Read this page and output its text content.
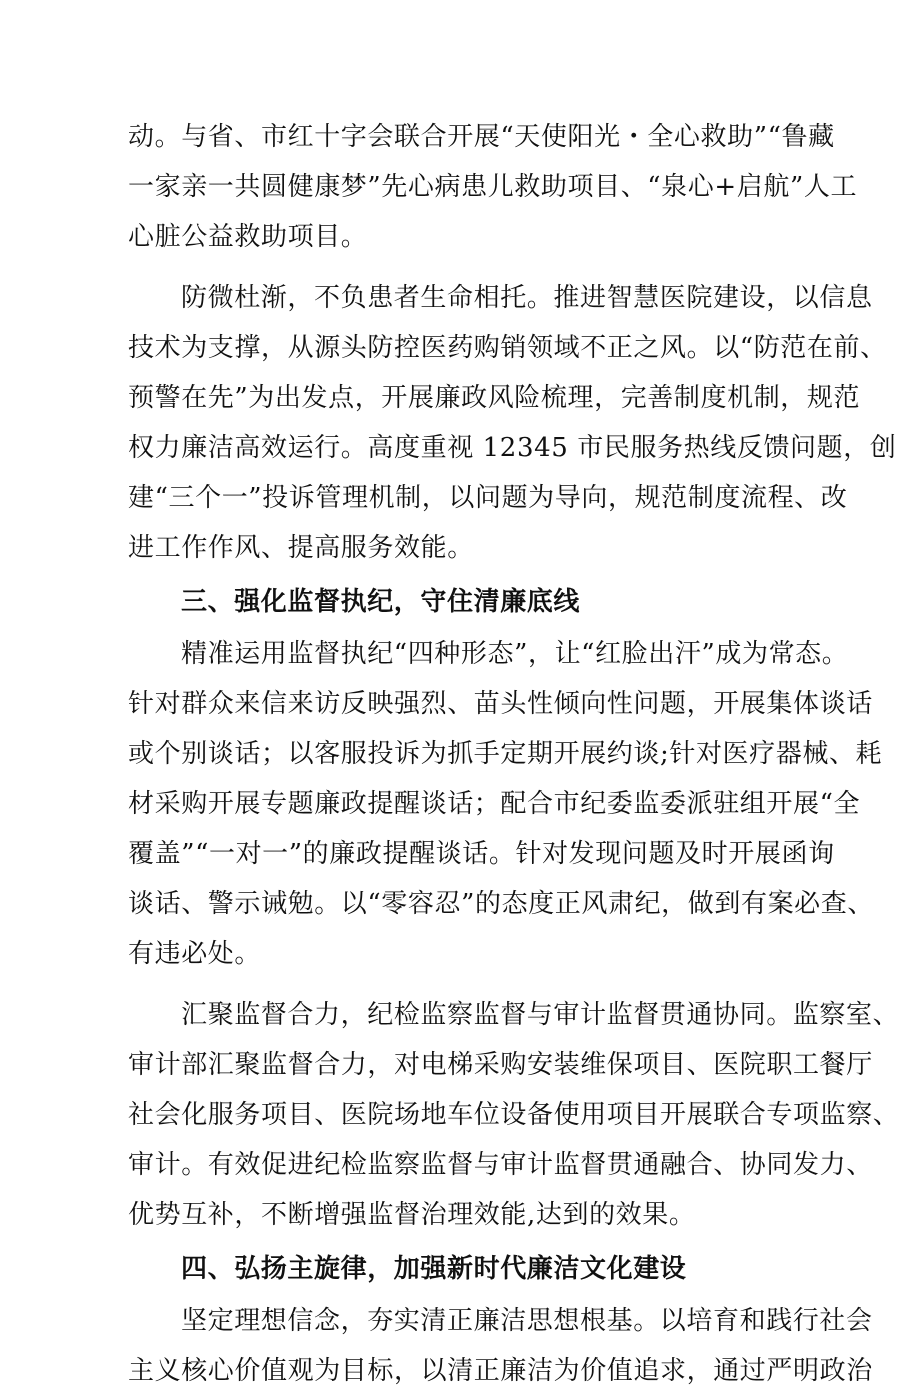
动。与省、市红十字会联合开展“天使阳光・全心救助”“鲁藏
一家亲一共圆健康梦”先心病患儿救助项目、“泉心+启航”人工
心脏公益救助项目。
防微杜渐，不负患者生命相托。推进智慧医院建设，以信息
技术为支撑，从源头防控医药购销领域不正之风。以“防范在前、
预警在先”为出发点，开展廉政风险梳理，完善制度机制，规范
权力廉洁高效运行。高度重视 12345 市民服务热线反馈问题，创
建“三个一”投诉管理机制，以问题为导向，规范制度流程、改
进工作作风、提高服务效能。
三、强化监督执纪，守住清廉底线
精准运用监督执纪“四种形态”，让“红脸出汗”成为常态。
针对群众来信来访反映强烈、苗头性倾向性问题，开展集体谈话
或个别谈话；以客服投诉为抓手定期开展约谈;针对医疗器械、耗
材采购开展专题廉政提醒谈话；配合市纪委监委派驻组开展“全
覆盖”“一对一”的廉政提醒谈话。针对发现问题及时开展函询
谈话、警示诫勉。以“零容忍”的态度正风肃纪，做到有案必查、
有违必处。
汇聚监督合力，纪检监察监督与审计监督贯通协同。监察室、
审计部汇聚监督合力，对电梯采购安装维保项目、医院职工餐厅
社会化服务项目、医院场地车位设备使用项目开展联合专项监察、
审计。有效促进纪检监察监督与审计监督贯通融合、协同发力、
优势互补，不断增强监督治理效能,达到的效果。
四、弘扬主旋律，加强新时代廉洁文化建设
坚定理想信念，夯实清正廉洁思想根基。以培育和践行社会
主义核心价值观为目标，以清正廉洁为价值追求，通过严明政治
